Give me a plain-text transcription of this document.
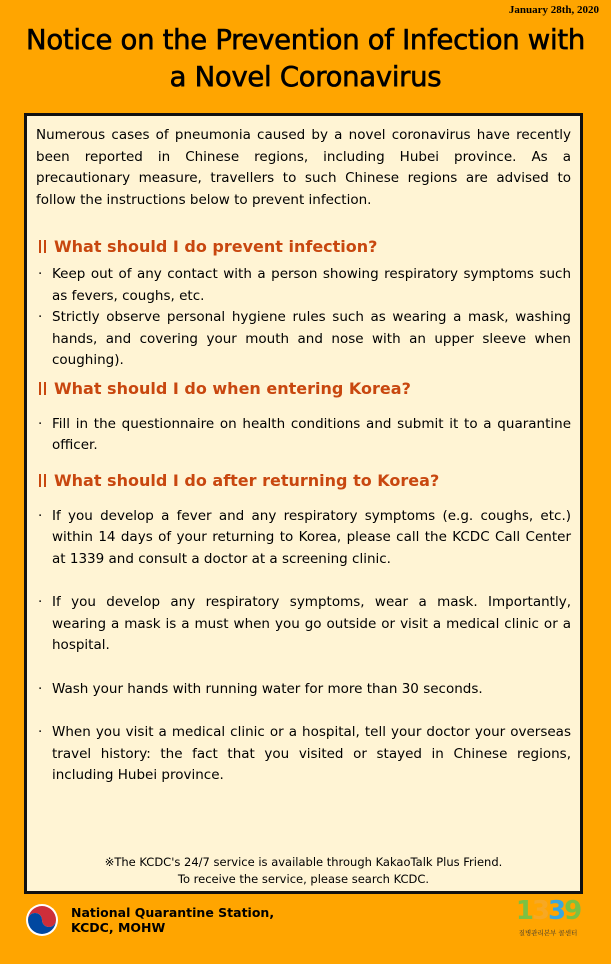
January 28th, 2020
Notice on the Prevention of Infection with
a Novel Coronavirus

Numerous cases of pneumonia caused by a novel coronavirus have recently been reported in Chinese regions, including Hubei province. As a precautionary measure, travellers to such Chinese regions are advised to follow the instructions below to prevent infection.

What should I do prevent infection?
· Keep out of any contact with a person showing respiratory symptoms such as fevers, coughs, etc.
· Strictly observe personal hygiene rules such as wearing a mask, washing hands, and covering your mouth and nose with an upper sleeve when coughing).
What should I do when entering Korea?
· Fill in the questionnaire on health conditions and submit it to a quarantine officer.
What should I do after returning to Korea?
· If you develop a fever and any respiratory symptoms (e.g. coughs, etc.) within 14 days of your returning to Korea, please call the KCDC Call Center at 1339 and consult a doctor at a screening clinic.
· If you develop any respiratory symptoms, wear a mask. Importantly, wearing a mask is a must when you go outside or visit a medical clinic or a hospital.
· Wash your hands with running water for more than 30 seconds.
· When you visit a medical clinic or a hospital, tell your doctor your overseas travel history: the fact that you visited or stayed in Chinese regions, including Hubei province.
※The KCDC's 24/7 service is available through KakaoTalk Plus Friend.
To receive the service, please search KCDC.
National Quarantine Station,
KCDC, MOHW
1339
질병관리본부 콜센터
